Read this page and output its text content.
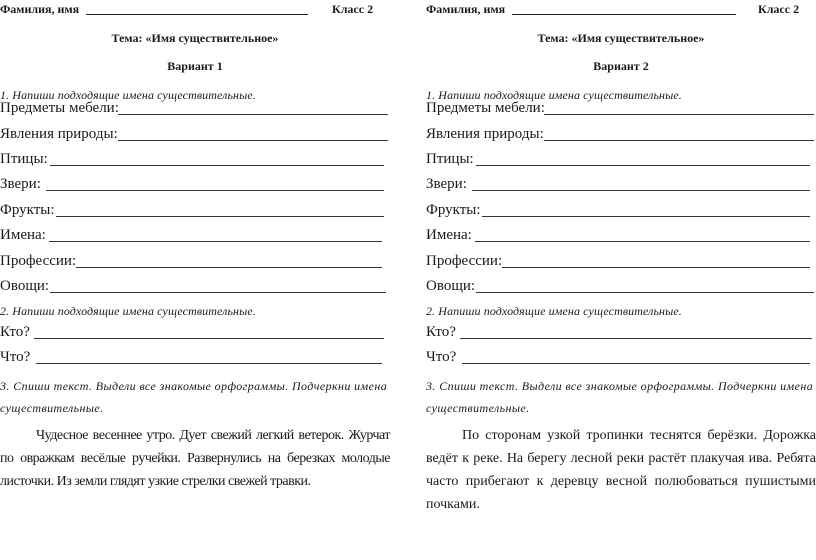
Фамилия, имя	Класс 2
Тема: «Имя существительное»
Вариант 1
1. Напиши подходящие имена существительные.
Предметы мебели:
Явления природы:
Птицы:
Звери:
Фрукты:
Имена:
Профессии:
Овощи:
2. Напиши подходящие имена существительные.
Кто?
Что?
3. Спиши текст. Выдели все знакомые орфограммы. Подчеркни имена существительные.
Чудесное весеннее утро. Дует свежий легкий ветерок. Журчат по овражкам весёлые ручейки. Развернулись на березках молодые листочки. Из земли глядят узкие стрелки свежей травки.
Фамилия, имя	Класс 2
Тема: «Имя существительное»
Вариант 2
1. Напиши подходящие имена существительные.
Предметы мебели:
Явления природы:
Птицы:
Звери:
Фрукты:
Имена:
Профессии:
Овощи:
2. Напиши подходящие имена существительные.
Кто?
Что?
3. Спиши текст. Выдели все знакомые орфограммы. Подчеркни имена существительные.
По сторонам узкой тропинки теснятся берёзки. Дорожка ведёт к реке. На берегу лесной реки растёт плакучая ива. Ребята часто прибегают к деревцу весной полюбоваться пушистыми почками.
